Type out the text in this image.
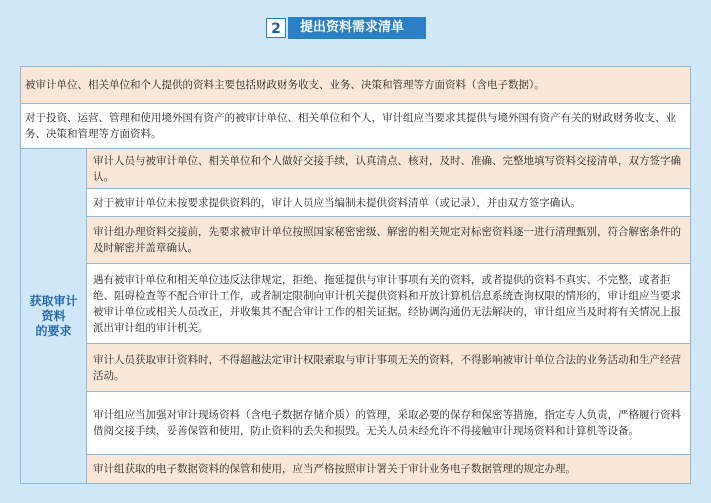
2	提出资料需求清单
被审计单位、相关单位和个人提供的资料主要包括财政财务收支、业务、决策和管理等方面资料（含电子数据）。
对于投资、运营、管理和使用境外国有资产的被审计单位、相关单位和个人，审计组应当要求其提供与境外国有资产有关的财政财务收支、业务、决策和管理等方面资料。
获取审计
资料
的要求
审计人员与被审计单位、相关单位和个人做好交接手续，认真清点、核对，及时、准确、完整地填写资料交接清单，双方签字确认。
对于被审计单位未按要求提供资料的，审计人员应当编制未提供资料清单（或记录），并由双方签字确认。
审计组办理资料交接前，先要求被审计单位按照国家秘密密级、解密的相关规定对标密资料逐一进行清理甄别，符合解密条件的及时解密并盖章确认。
遇有被审计单位和相关单位违反法律规定，拒绝、拖延提供与审计事项有关的资料，或者提供的资料不真实、不完整，或者拒绝、阻碍检查等不配合审计工作，或者制定限制向审计机关提供资料和开放计算机信息系统查询权限的情形的，审计组应当要求被审计单位或相关人员改正，并收集其不配合审计工作的相关证据。经协调沟通仍无法解决的，审计组应当及时将有关情况上报派出审计组的审计机关。
审计人员获取审计资料时，不得超越法定审计权限索取与审计事项无关的资料，不得影响被审计单位合法的业务活动和生产经营活动。
审计组应当加强对审计现场资料（含电子数据存储介质）的管理，采取必要的保存和保密等措施，指定专人负责，严格履行资料借阅交接手续，妥善保管和使用，防止资料的丢失和损毁。无关人员未经允许不得接触审计现场资料和计算机等设备。
审计组获取的电子数据资料的保管和使用，应当严格按照审计署关于审计业务电子数据管理的规定办理。
